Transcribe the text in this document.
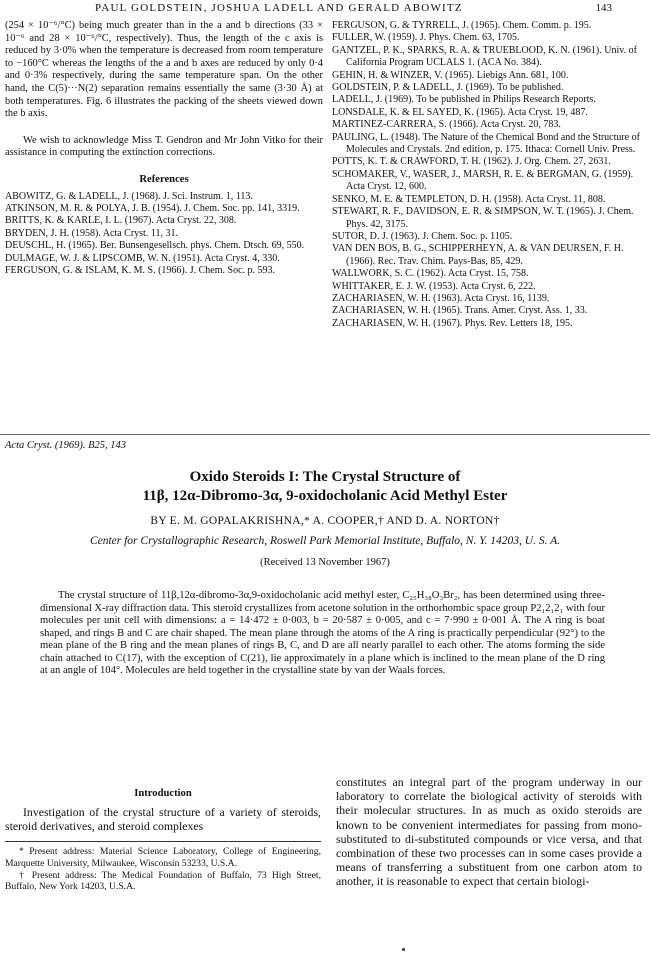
PAUL GOLDSTEIN, JOSHUA LADELL AND GERALD ABOWITZ	143

(254 × 10⁻⁶/°C) being much greater than in the a and b directions (33 × 10⁻⁶ and 28 × 10⁻⁶/°C, respectively). Thus, the length of the c axis is reduced by 3·0% when the temperature is decreased from room temperature to −160°C whereas the lengths of the a and b axes are reduced by only 0·4 and 0·3% respectively, during the same temperature span. On the other hand, the C(5)···N(2) separation remains essentially the same (3·30 Å) at both temperatures. Fig. 6 illustrates the packing of the sheets viewed down the b axis.

We wish to acknowledge Miss T. Gendron and Mr John Vitko for their assistance in computing the extinction corrections.

References
ABOWITZ, G. & LADELL, J. (1968). J. Sci. Instrum. 1, 113.
ATKINSON, M. R. & POLYA, J. B. (1954). J. Chem. Soc. pp. 141, 3319.
BRITTS, K. & KARLE, I. L. (1967). Acta Cryst. 22, 308.
BRYDEN, J. H. (1958). Acta Cryst. 11, 31.
DEUSCHL, H. (1965). Ber. Bunsengesellsch. phys. Chem. Dtsch. 69, 550.
DULMAGE, W. J. & LIPSCOMB, W. N. (1951). Acta Cryst. 4, 330.
FERGUSON, G. & ISLAM, K. M. S. (1966). J. Chem. Soc. p. 593.
FERGUSON, G. & TYRRELL, J. (1965). Chem. Comm. p. 195.
FULLER, W. (1959). J. Phys. Chem. 63, 1705.
GANTZEL, P. K., SPARKS, R. A. & TRUEBLOOD, K. N. (1961). Univ. of California Program UCLALS 1. (ACA No. 384).
GEHIN, H. & WINZER, V. (1965). Liebigs Ann. 681, 100.
GOLDSTEIN, P. & LADELL, J. (1969). To be published.
LADELL, J. (1969). To be published in Philips Research Reports.
LONSDALE, K. & EL SAYED, K. (1965). Acta Cryst. 19, 487.
MARTINEZ-CARRERA, S. (1966). Acta Cryst. 20, 783.
PAULING, L. (1948). The Nature of the Chemical Bond and the Structure of Molecules and Crystals. 2nd edition, p. 175. Ithaca: Cornell Univ. Press.
POTTS, K. T. & CRAWFORD, T. H. (1962). J. Org. Chem. 27, 2631.
SCHOMAKER, V., WASER, J., MARSH, R. E. & BERGMAN, G. (1959). Acta Cryst. 12, 600.
SENKO, M. E. & TEMPLETON, D. H. (1958). Acta Cryst. 11, 808.
STEWART, R. F., DAVIDSON, E. R. & SIMPSON, W. T. (1965). J. Chem. Phys. 42, 3175.
SUTOR, D. J. (1963). J. Chem. Soc. p. 1105.
VAN DEN BOS, B. G., SCHIPPERHEYN, A. & VAN DEURSEN, F. H. (1966). Rec. Trav. Chim. Pays-Bas, 85, 429.
WALLWORK, S. C. (1962). Acta Cryst. 15, 758.
WHITTAKER, E. J. W. (1953). Acta Cryst. 6, 222.
ZACHARIASEN, W. H. (1963). Acta Cryst. 16, 1139.
ZACHARIASEN, W. H. (1965). Trans. Amer. Cryst. Ass. 1, 33.
ZACHARIASEN, W. H. (1967). Phys. Rev. Letters 18, 195.
Acta Cryst. (1969). B25, 143
Oxido Steroids I: The Crystal Structure of
11β, 12α-Dibromo-3α, 9-oxidocholanic Acid Methyl Ester
BY E. M. GOPALAKRISHNA,* A. COOPER,† AND D. A. NORTON†
Center for Crystallographic Research, Roswell Park Memorial Institute, Buffalo, N. Y. 14203, U. S. A.
(Received 13 November 1967)

The crystal structure of 11β,12α-dibromo-3α,9-oxidocholanic acid methyl ester, C₂₅H₃₈O₃Br₂, has been determined using three-dimensional X-ray diffraction data. This steroid crystallizes from acetone solution in the orthorhombic space group P2₁2₁2₁ with four molecules per unit cell with dimensions: a = 14·472 ± 0·003, b = 20·587 ± 0·005, and c = 7·990 ± 0·001 Å. The A ring is boat shaped, and rings B and C are chair shaped. The mean plane through the atoms of the A ring is practically perpendicular (92°) to the mean plane of the B ring and the mean planes of rings B, C, and D are all nearly parallel to each other. The atoms forming the side chain attached to C(17), with the exception of C(21), lie approximately in a plane which is inclined to the mean plane of the D ring at an angle of 104°. Molecules are held together in the crystalline state by van der Waals forces.

Introduction

Investigation of the crystal structure of a variety of steroids, steroid derivatives, and steroid complexes

* Present address: Material Science Laboratory, College of Engineering, Marquette University, Milwaukee, Wisconsin 53233, U.S.A.

† Present address: The Medical Foundation of Buffalo, 73 High Street, Buffalo, New York 14203, U.S.A.

constitutes an integral part of the program underway in our laboratory to correlate the biological activity of steroids with their molecular structures. In as much as oxido steroids are known to be convenient intermediates for passing from mono-substituted to di-substituted compounds or vice versa, and that combination of these two processes can in some cases provide a means of transferring a substituent from one carbon atom to another, it is reasonable to expect that certain biologi-
